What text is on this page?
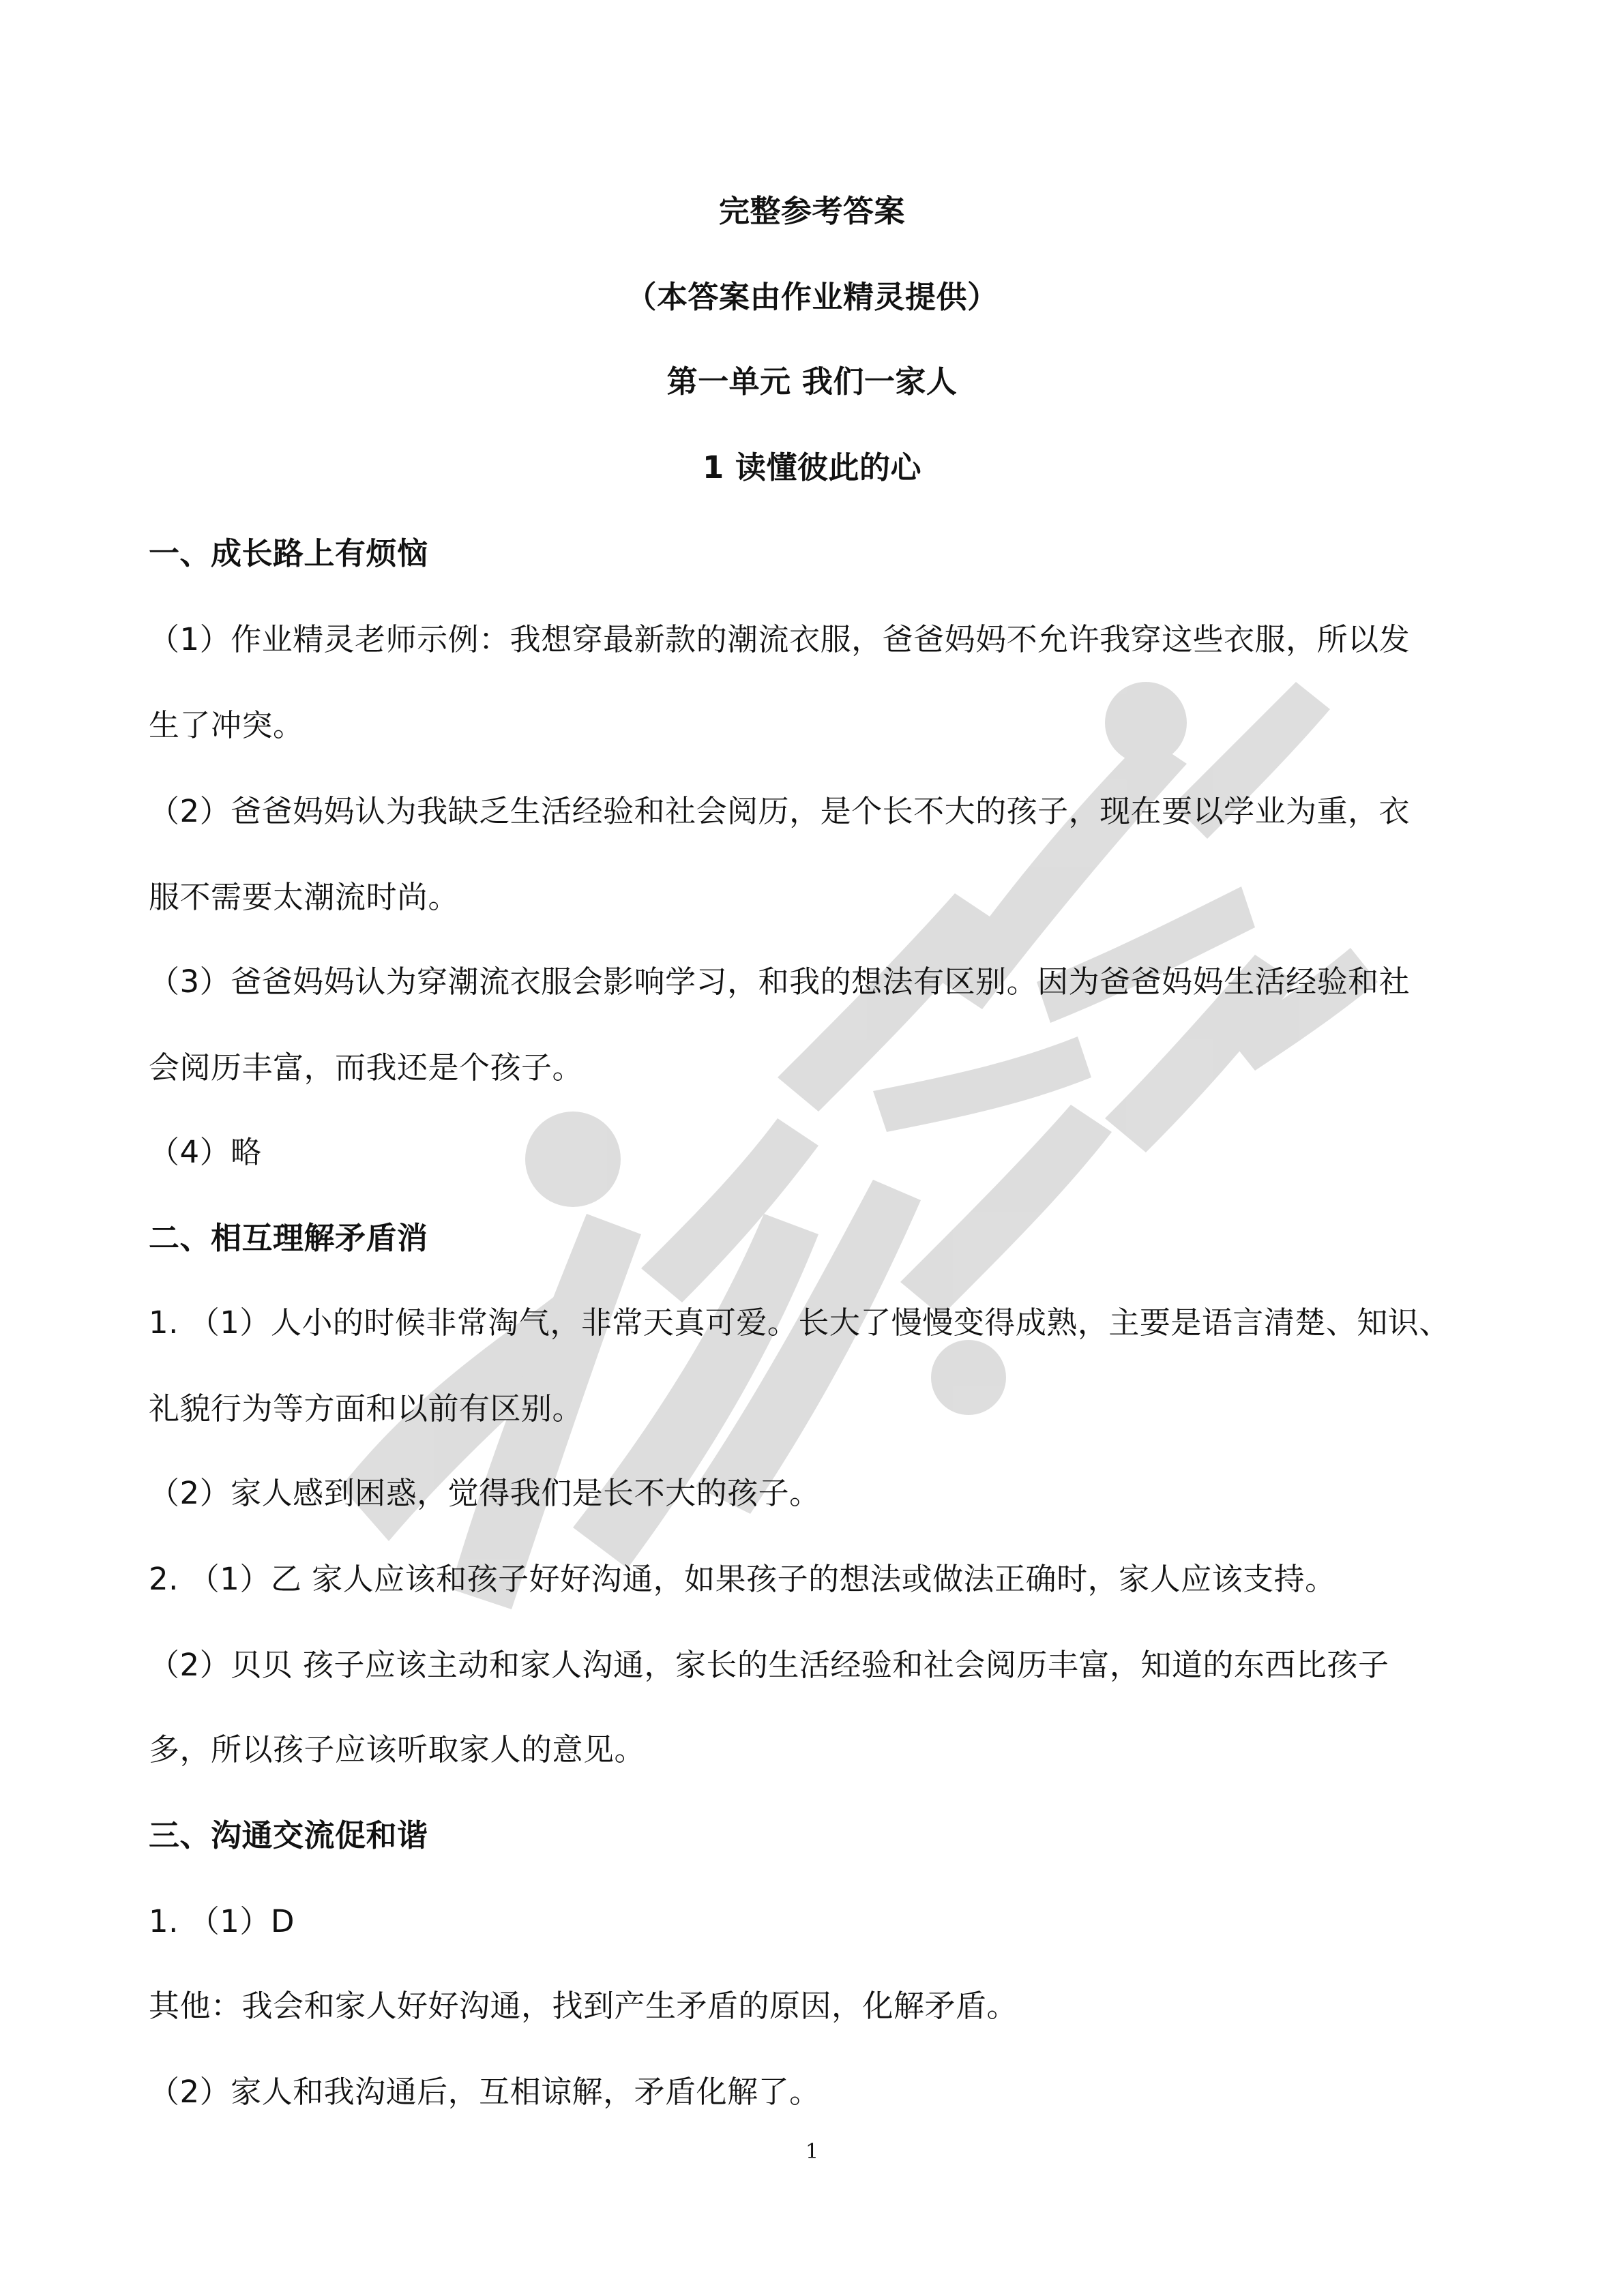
完整参考答案
（本答案由作业精灵提供）
第一单元 我们一家人
1 读懂彼此的心
一、成长路上有烦恼
（1）作业精灵老师示例：我想穿最新款的潮流衣服，爸爸妈妈不允许我穿这些衣服，所以发
生了冲突。
（2）爸爸妈妈认为我缺乏生活经验和社会阅历，是个长不大的孩子，现在要以学业为重，衣
服不需要太潮流时尚。
（3）爸爸妈妈认为穿潮流衣服会影响学习，和我的想法有区别。因为爸爸妈妈生活经验和社
会阅历丰富，而我还是个孩子。
（4）略
二、相互理解矛盾消
1. （1）人小的时候非常淘气，非常天真可爱。长大了慢慢变得成熟，主要是语言清楚、知识、
礼貌行为等方面和以前有区别。
（2）家人感到困惑，觉得我们是长不大的孩子。
2. （1）乙 家人应该和孩子好好沟通，如果孩子的想法或做法正确时，家人应该支持。
（2）贝贝 孩子应该主动和家人沟通，家长的生活经验和社会阅历丰富，知道的东西比孩子
多，所以孩子应该听取家人的意见。
三、沟通交流促和谐
1. （1）D
其他：我会和家人好好沟通，找到产生矛盾的原因，化解矛盾。
（2）家人和我沟通后，互相谅解，矛盾化解了。
1
